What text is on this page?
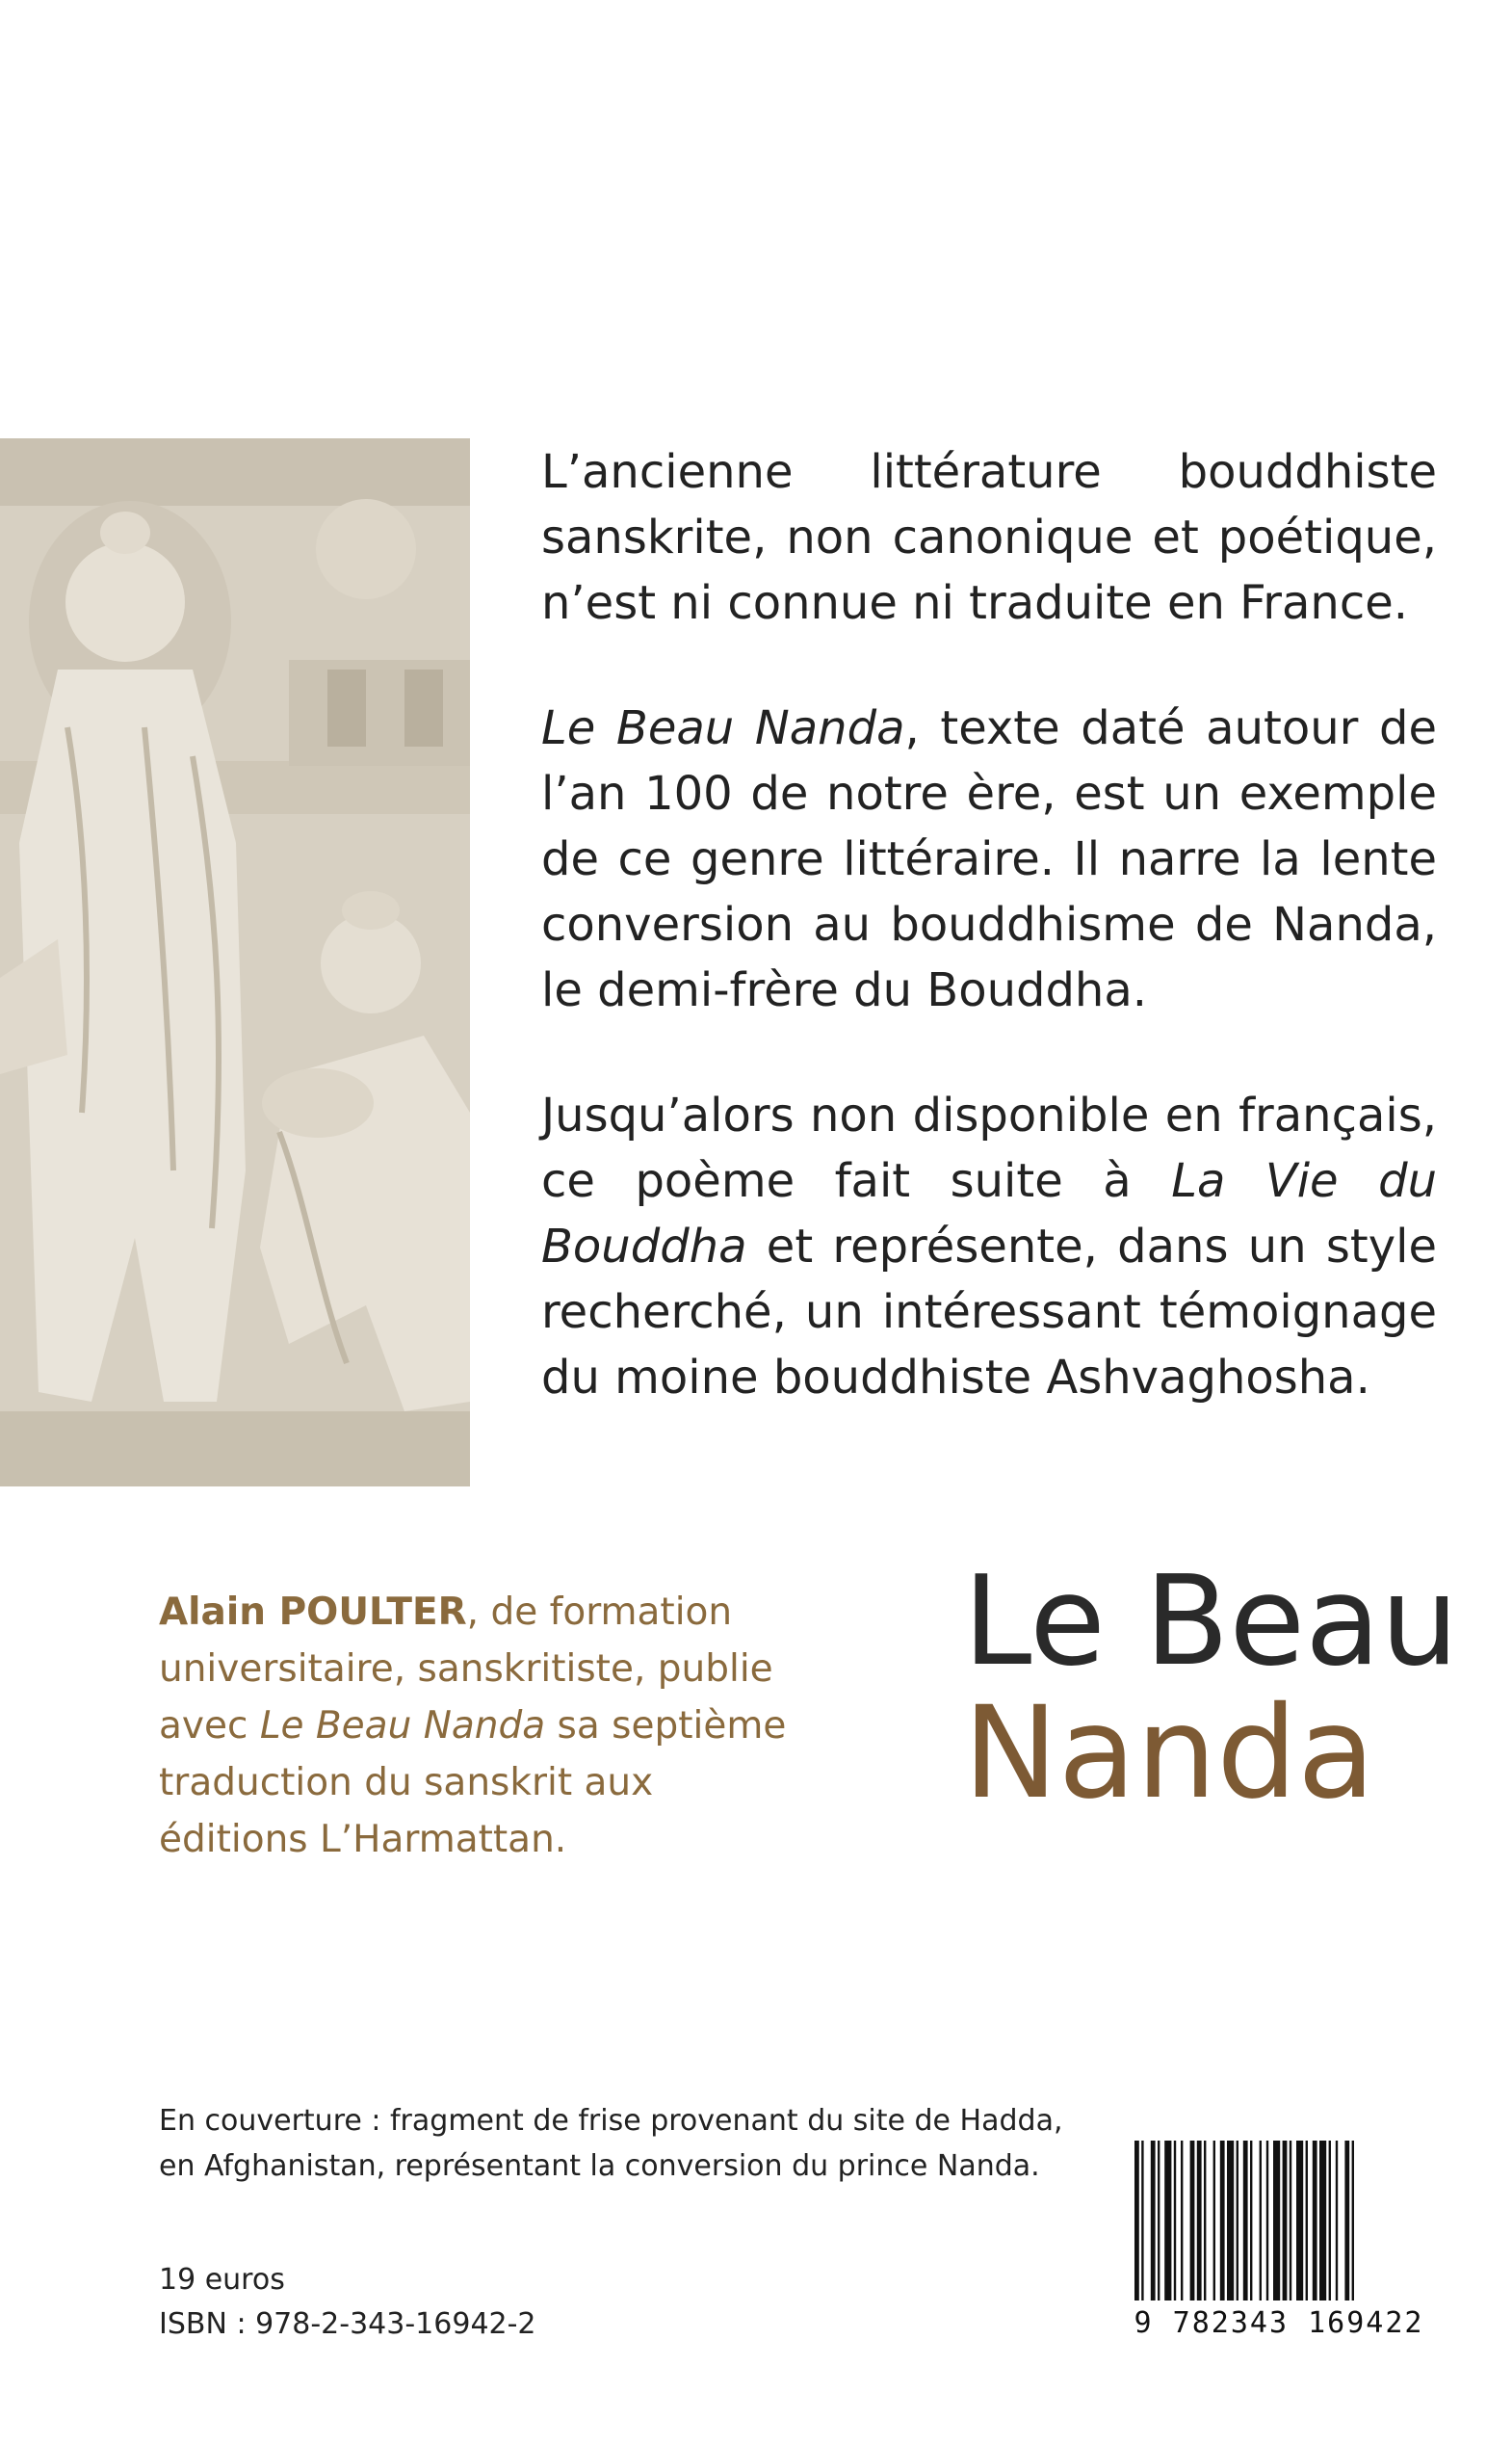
L’ancienne littérature bouddhiste sanskrite, non canonique et poétique, n’est ni connue ni traduite en France.

Le Beau Nanda, texte daté autour de l’an 100 de notre ère, est un exemple de ce genre littéraire. Il narre la lente conversion au bouddhisme de Nanda, le demi-frère du Bouddha.

Jusqu’alors non disponible en français, ce poème fait suite à La Vie du Bouddha et représente, dans un style recherché, un intéressant témoignage du moine bouddhiste Ashvaghosha.

Alain POULTER, de formation universitaire, sanskritiste, publie avec Le Beau Nanda sa septième traduction du sanskrit aux éditions L’Harmattan.
Le Beau
Nanda
En couverture : fragment de frise provenant du site de Hadda, en Afghanistan, représentant la conversion du prince Nanda.
19 euros
ISBN : 978-2-343-16942-2	9 782343 169422
